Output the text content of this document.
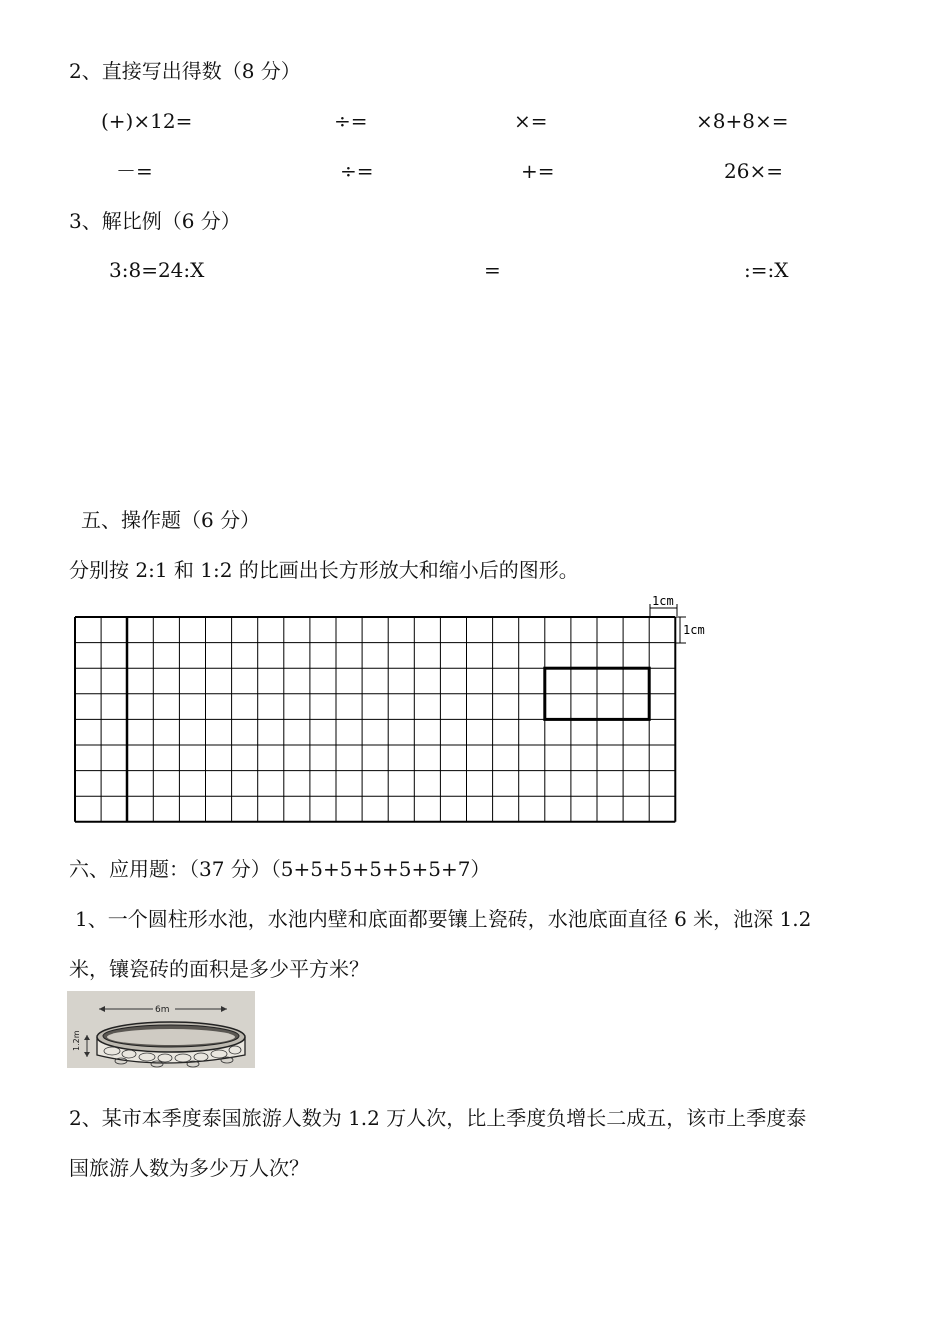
2、直接写出得数（8 分）
(+)×12=	÷=	×=	×8+8×=
－=	÷=	+=	26×=
3、解比例（6 分）
3:8=24:X	=	:=:X
五、操作题（6 分）
分别按 2:1 和 1:2 的比画出长方形放大和缩小后的图形。
1cm
1cm
六、应用题：（37 分）（5+5+5+5+5+5+7）
1、一个圆柱形水池，水池内壁和底面都要镶上瓷砖，水池底面直径 6 米，池深 1.2
米，镶瓷砖的面积是多少平方米？
6m
1.2m
2、某市本季度泰国旅游人数为 1.2 万人次，比上季度负增长二成五，该市上季度泰
国旅游人数为多少万人次？
